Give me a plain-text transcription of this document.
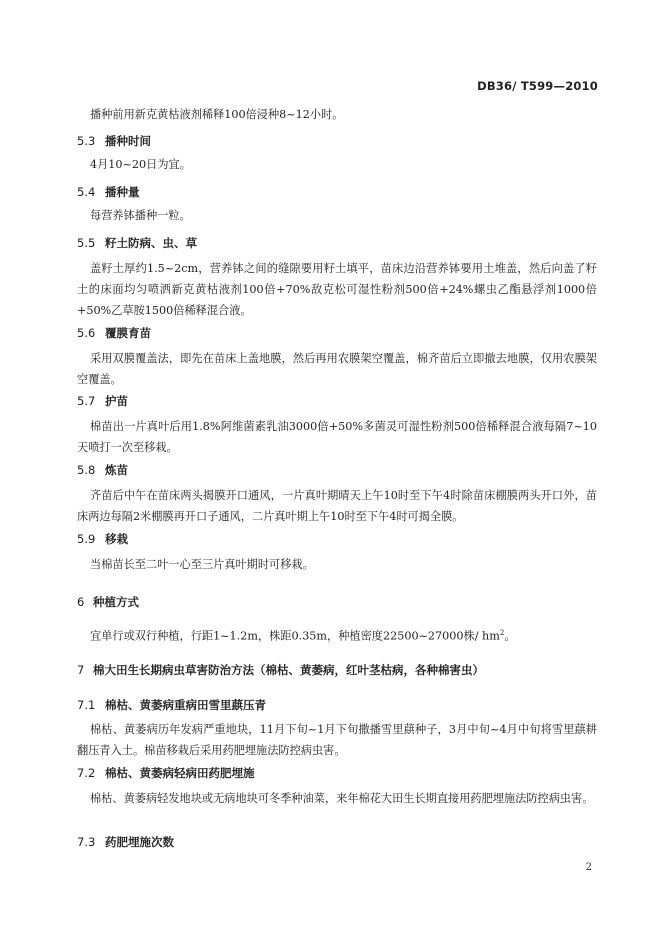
DB36/ T599—2010

播种前用新克黄枯液剂稀释100倍浸种8~12小时。

5.3 播种时间

4月10~20日为宜。

5.4 播种量

每营养钵播种一粒。

5.5 籽土防病、虫、草

盖籽土厚约1.5~2cm，营养钵之间的缝隙要用籽土填平，苗床边沿营养钵要用土堆盖，然后向盖了籽土的床面均匀喷洒新克黄枯液剂100倍+70%敌克松可湿性粉剂500倍+24%螺虫乙酯悬浮剂1000倍+50%乙草胺1500倍稀释混合液。

5.6 覆膜育苗

采用双膜覆盖法，即先在苗床上盖地膜，然后再用农膜架空覆盖，棉齐苗后立即撤去地膜，仅用农膜架空覆盖。

5.7 护苗

棉苗出一片真叶后用1.8%阿维菌素乳油3000倍+50%多菌灵可湿性粉剂500倍稀释混合液每隔7~10天喷打一次至移栽。

5.8 炼苗

齐苗后中午在苗床两头揭膜开口通风，一片真叶期晴天上午10时至下午4时除苗床棚膜两头开口外，苗床两边每隔2米棚膜再开口子通风，二片真叶期上午10时至下午4时可揭全膜。

5.9 移栽

当棉苗长至二叶一心至三片真叶期时可移栽。

6 种植方式

宜单行或双行种植，行距1~1.2m，株距0.35m，种植密度22500~27000株/ $hm^2$。

7 棉大田生长期病虫草害防治方法（棉枯、黄萎病，红叶茎枯病，各种棉害虫）
7.1 棉枯、黄萎病重病田雪里蕻压青

棉枯、黄萎病历年发病严重地块，11月下旬~1月下旬撒播雪里蕻种子，3月中旬~4月中旬将雪里蕻耕翻压青入土。棉苗移栽后采用药肥埋施法防控病虫害。

7.2 棉枯、黄萎病轻病田药肥埋施

棉枯、黄萎病轻发地块或无病地块可冬季种油菜，来年棉花大田生长期直接用药肥埋施法防控病虫害。

7.3 药肥埋施次数
2
